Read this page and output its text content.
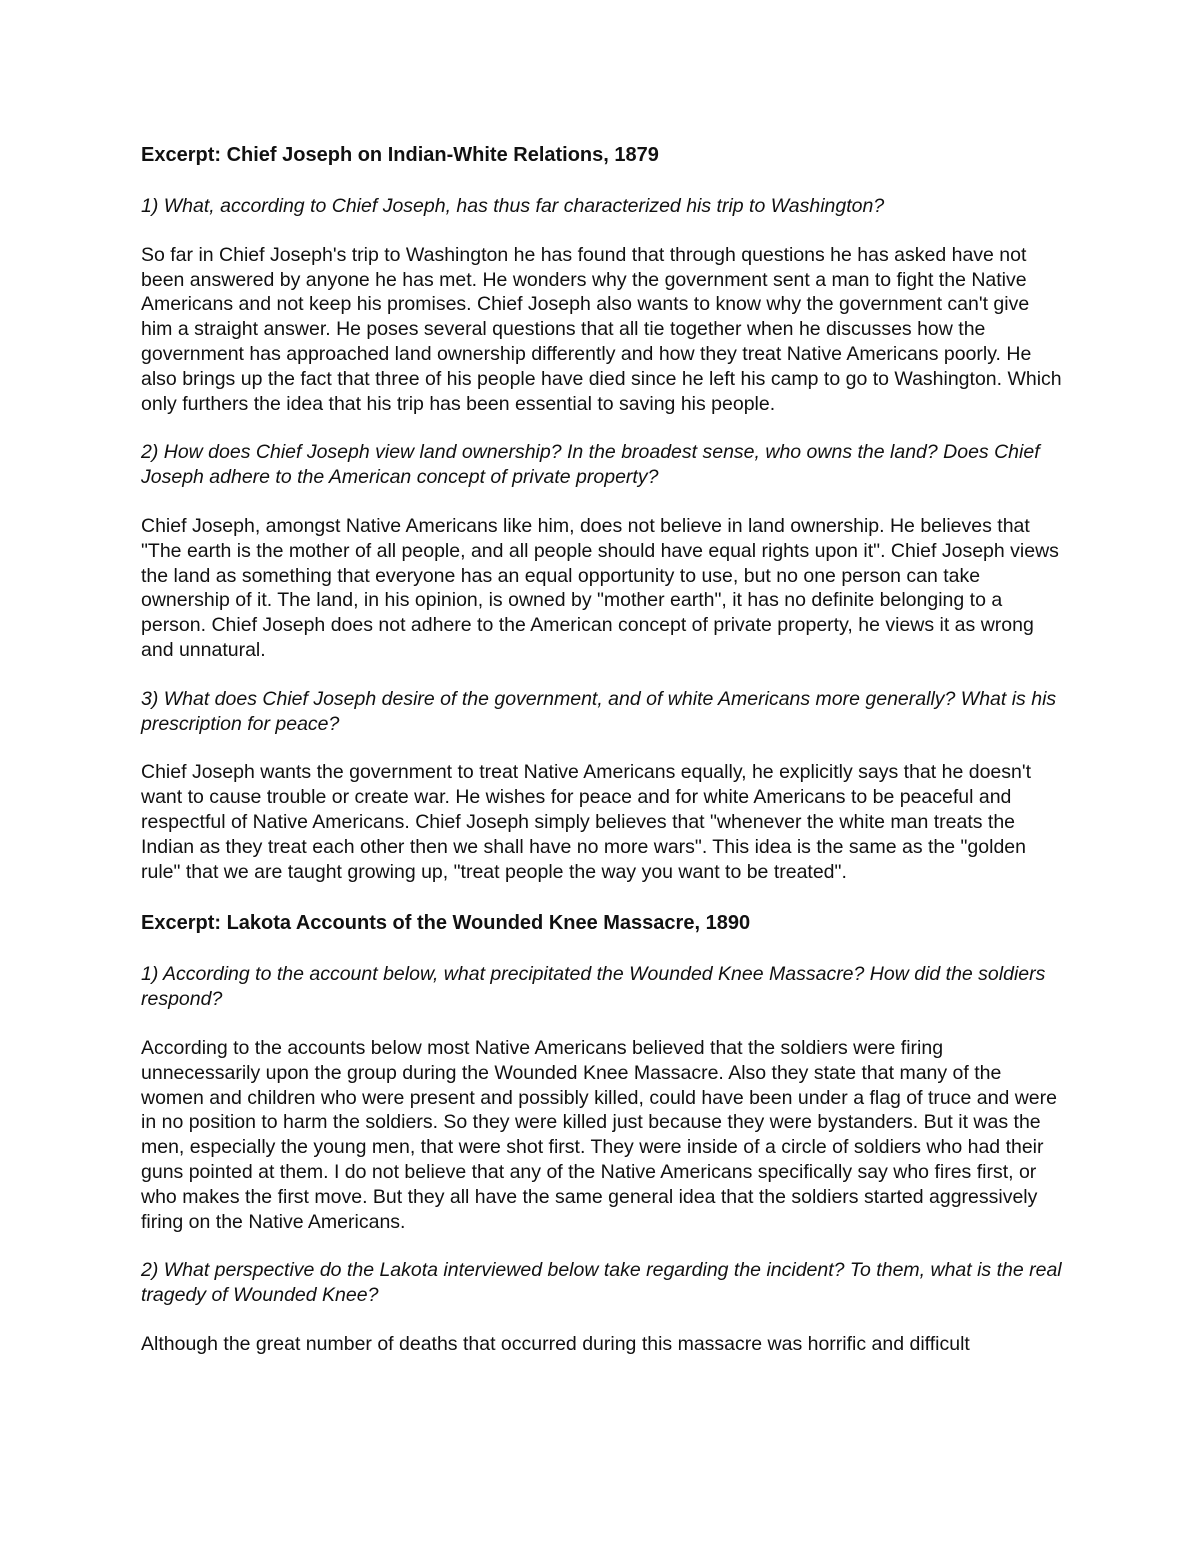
Excerpt: Chief Joseph on Indian-White Relations, 1879

1) What, according to Chief Joseph, has thus far characterized his trip to Washington?

So far in Chief Joseph's trip to Washington he has found that through questions he has asked have not been answered by anyone he has met. He wonders why the government sent a man to fight the Native Americans and not keep his promises. Chief Joseph also wants to know why the government can't give him a straight answer. He poses several questions that all tie together when he discusses how the government has approached land ownership differently and how they treat Native Americans poorly. He also brings up the fact that three of his people have died since he left his camp to go to Washington. Which only furthers the idea that his trip has been essential to saving his people.

2) How does Chief Joseph view land ownership? In the broadest sense, who owns the land? Does Chief Joseph adhere to the American concept of private property?

Chief Joseph, amongst Native Americans like him, does not believe in land ownership. He believes that "The earth is the mother of all people, and all people should have equal rights upon it". Chief Joseph views the land as something that everyone has an equal opportunity to use, but no one person can take ownership of it. The land, in his opinion, is owned by "mother earth", it has no definite belonging to a person. Chief Joseph does not adhere to the American concept of private property, he views it as wrong and unnatural.

3) What does Chief Joseph desire of the government, and of white Americans more generally? What is his prescription for peace?

Chief Joseph wants the government to treat Native Americans equally, he explicitly says that he doesn't want to cause trouble or create war. He wishes for peace and for white Americans to be peaceful and respectful of Native Americans. Chief Joseph simply believes that "whenever the white man treats the Indian as they treat each other then we shall have no more wars". This idea is the same as the "golden rule" that we are taught growing up, "treat people the way you want to be treated".

Excerpt: Lakota Accounts of the Wounded Knee Massacre, 1890

1) According to the account below, what precipitated the Wounded Knee Massacre? How did the soldiers respond?

According to the accounts below most Native Americans believed that the soldiers were firing unnecessarily upon the group during the Wounded Knee Massacre. Also they state that many of the women and children who were present and possibly killed, could have been under a flag of truce and were in no position to harm the soldiers. So they were killed just because they were bystanders. But it was the men, especially the young men, that were shot first. They were inside of a circle of soldiers who had their guns pointed at them. I do not believe that any of the Native Americans specifically say who fires first, or who makes the first move. But they all have the same general idea that the soldiers started aggressively firing on the Native Americans.

2) What perspective do the Lakota interviewed below take regarding the incident? To them, what is the real tragedy of Wounded Knee?

Although the great number of deaths that occurred during this massacre was horrific and difficult
